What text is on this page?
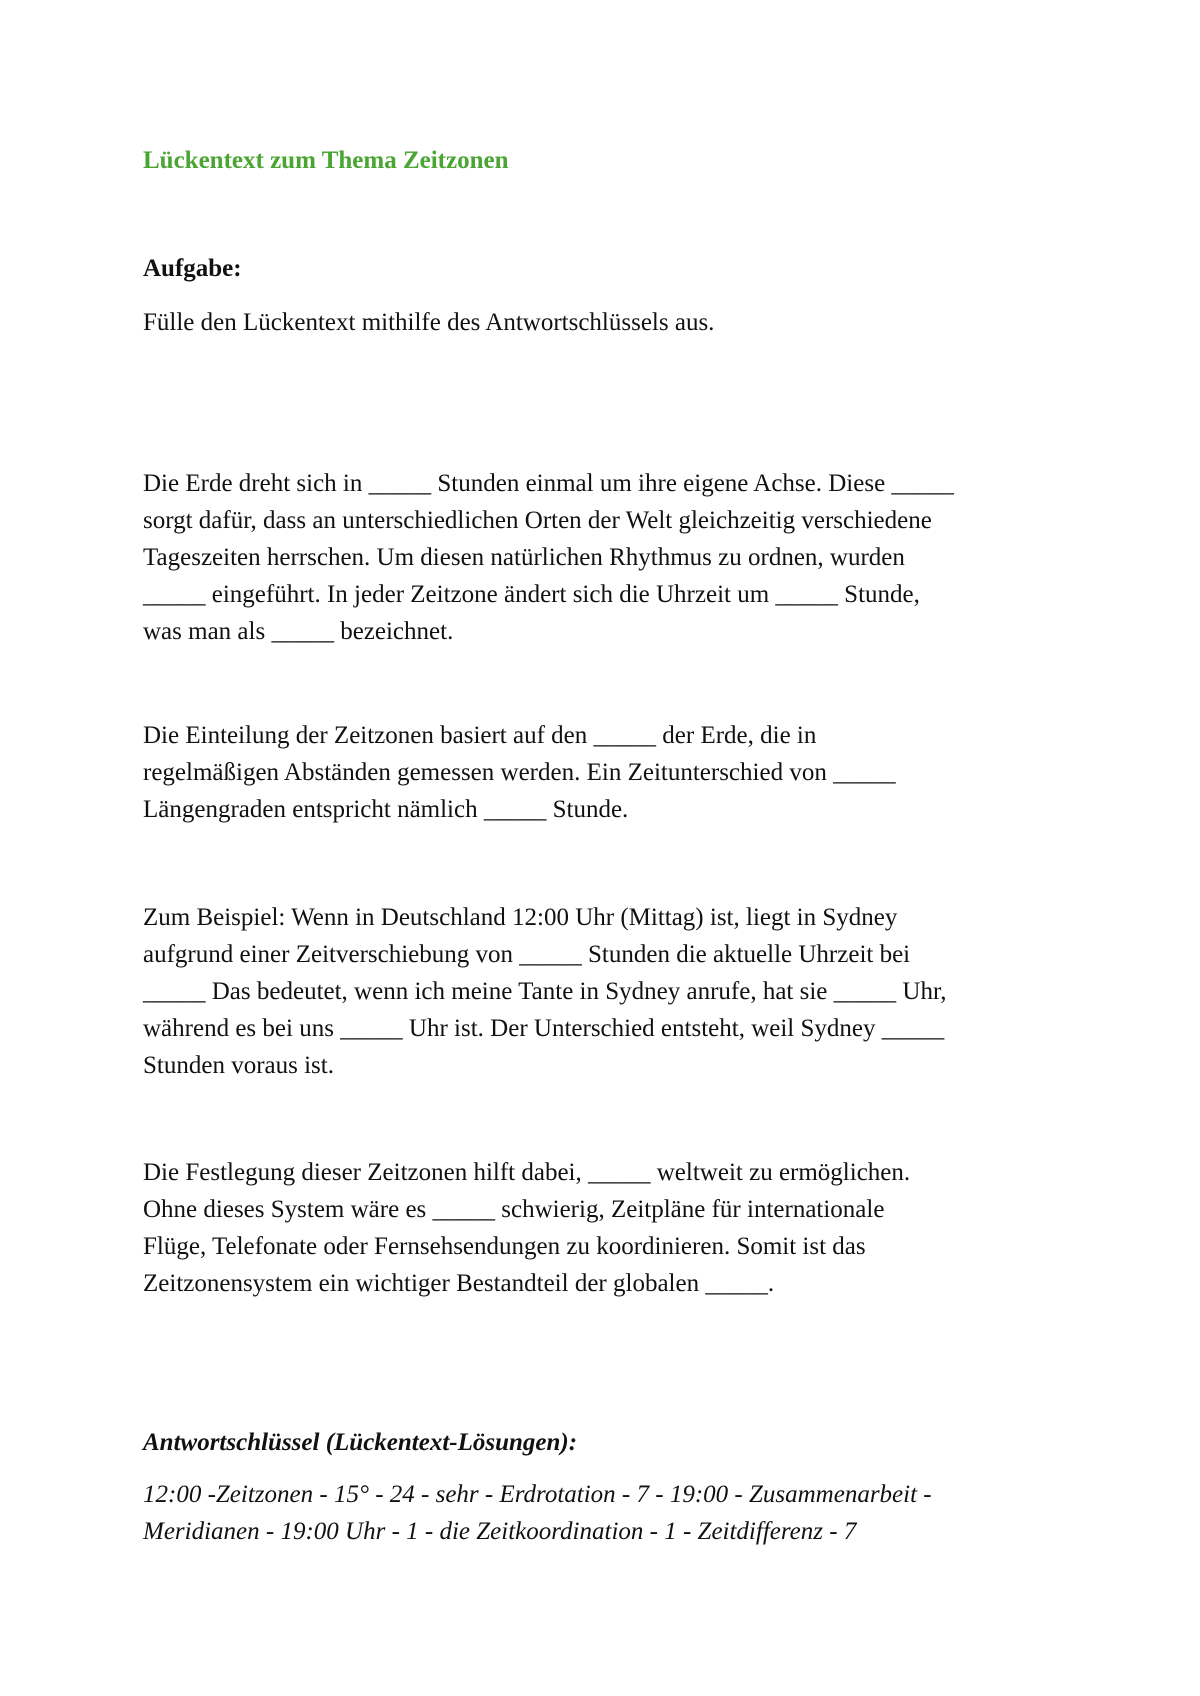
Lückentext zum Thema Zeitzonen
Aufgabe:
Fülle den Lückentext mithilfe des Antwortschlüssels aus.
Die Erde dreht sich in _____ Stunden einmal um ihre eigene Achse. Diese _____
sorgt dafür, dass an unterschiedlichen Orten der Welt gleichzeitig verschiedene
Tageszeiten herrschen. Um diesen natürlichen Rhythmus zu ordnen, wurden
_____ eingeführt. In jeder Zeitzone ändert sich die Uhrzeit um _____ Stunde,
was man als _____ bezeichnet.
Die Einteilung der Zeitzonen basiert auf den _____ der Erde, die in
regelmäßigen Abständen gemessen werden. Ein Zeitunterschied von _____
Längengraden entspricht nämlich _____ Stunde.
Zum Beispiel: Wenn in Deutschland 12:00 Uhr (Mittag) ist, liegt in Sydney
aufgrund einer Zeitverschiebung von _____ Stunden die aktuelle Uhrzeit bei
_____ Das bedeutet, wenn ich meine Tante in Sydney anrufe, hat sie _____ Uhr,
während es bei uns _____ Uhr ist. Der Unterschied entsteht, weil Sydney _____
Stunden voraus ist.
Die Festlegung dieser Zeitzonen hilft dabei, _____ weltweit zu ermöglichen.
Ohne dieses System wäre es _____ schwierig, Zeitpläne für internationale
Flüge, Telefonate oder Fernsehsendungen zu koordinieren. Somit ist das
Zeitzonensystem ein wichtiger Bestandteil der globalen _____.
Antwortschlüssel (Lückentext-Lösungen):
12:00 -Zeitzonen - 15° - 24 - sehr - Erdrotation - 7 - 19:00 - Zusammenarbeit -
Meridianen - 19:00 Uhr - 1 - die Zeitkoordination - 1 - Zeitdifferenz - 7
